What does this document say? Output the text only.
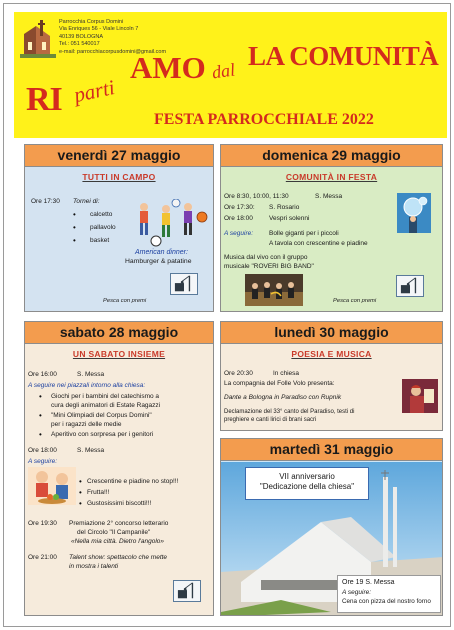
Parrocchia Corpus Domini
Via Enriques 56 - Viale Lincoln 7
40139 BOLOGNA
Tel.: 051 540017

e-mail: parrocchiacorpusdomini@gmail.com
RI parti
AMO dal
LA COMUNITÀ
FESTA PARROCCHIALE 2022
venerdì 27 maggio
TUTTI IN CAMPO
Ore 17:30 Tornei di:
• calcetto
• pallavolo
• basket
American dinner:
Hamburger & patatine
Pesca con premi
domenica 29 maggio
COMUNITÀ IN FESTA
Ore 8:30, 10:00, 11:30	S. Messa
Ore 17:30: S. Rosario
Ore 18:00 Vespri solenni
A seguire: Bolle giganti per i piccoli
A tavola con crescentine e piadine
Musica dal vivo con il gruppo
musicale "ROVERI BIG BAND"
Pesca con premi
sabato 28 maggio
UN SABATO INSIEME
Ore 16:00	S. Messa
A seguire nei piazzali intorno alla chiesa:
• Giochi per i bambini del catechismo a
cura degli animatori di Estate Ragazzi
• "Mini Olimpiadi del Corpus Domini"
per i ragazzi delle medie
• Aperitivo con sorpresa per i genitori
Ore 18:00	S. Messa
A seguire:
• Crescentine e piadine no stop!!!
• Frutta!!!
• Gustosissimi biscotti!!!
Ore 19:30 Premiazione 2° concorso letterario
del Circolo "Il Campanile"
«Nella mia città. Dietro l'angolo»
Ore 21:00 Talent show: spettacolo che mette
in mostra i talenti
lunedì 30 maggio
POESIA E MUSICA
Ore 20:30	In chiesa
La compagnia del Folle Volo presenta:
Dante a Bologna in Paradiso con Rupnik
Declamazione del 33° canto del Paradiso, testi di
preghiere e canti lirici di brani sacri
martedì 31 maggio
VII anniversario
"Dedicazione della chiesa"
Ore 19 S. Messa
A seguire:
Cena con pizza del nostro forno
